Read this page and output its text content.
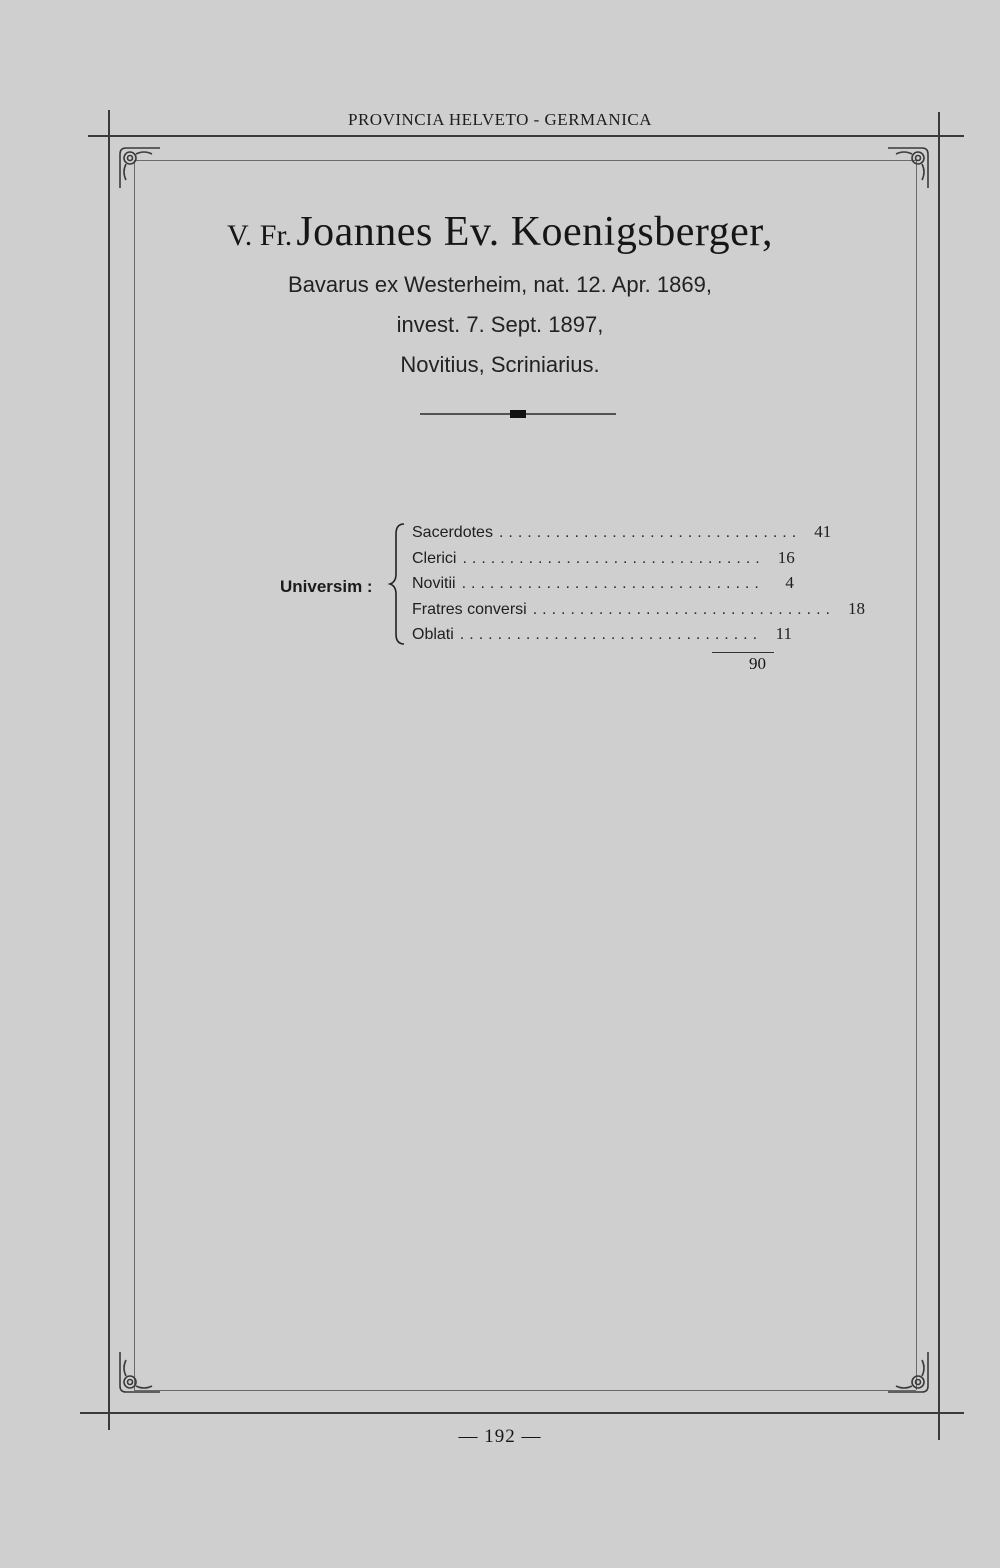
PROVINCIA HELVETO - GERMANICA
V. Fr. Joannes Ev. Koenigsberger,
Bavarus ex Westerheim, nat. 12. Apr. 1869,
invest. 7. Sept. 1897,
Novitius, Scriniarius.
Universim :
Sacerdotes ................................ 41
Clerici ................................ 16
Novitii ................................	4
Fratres conversi ................................ 18
Oblati ................................ 11
90
— 192 —
